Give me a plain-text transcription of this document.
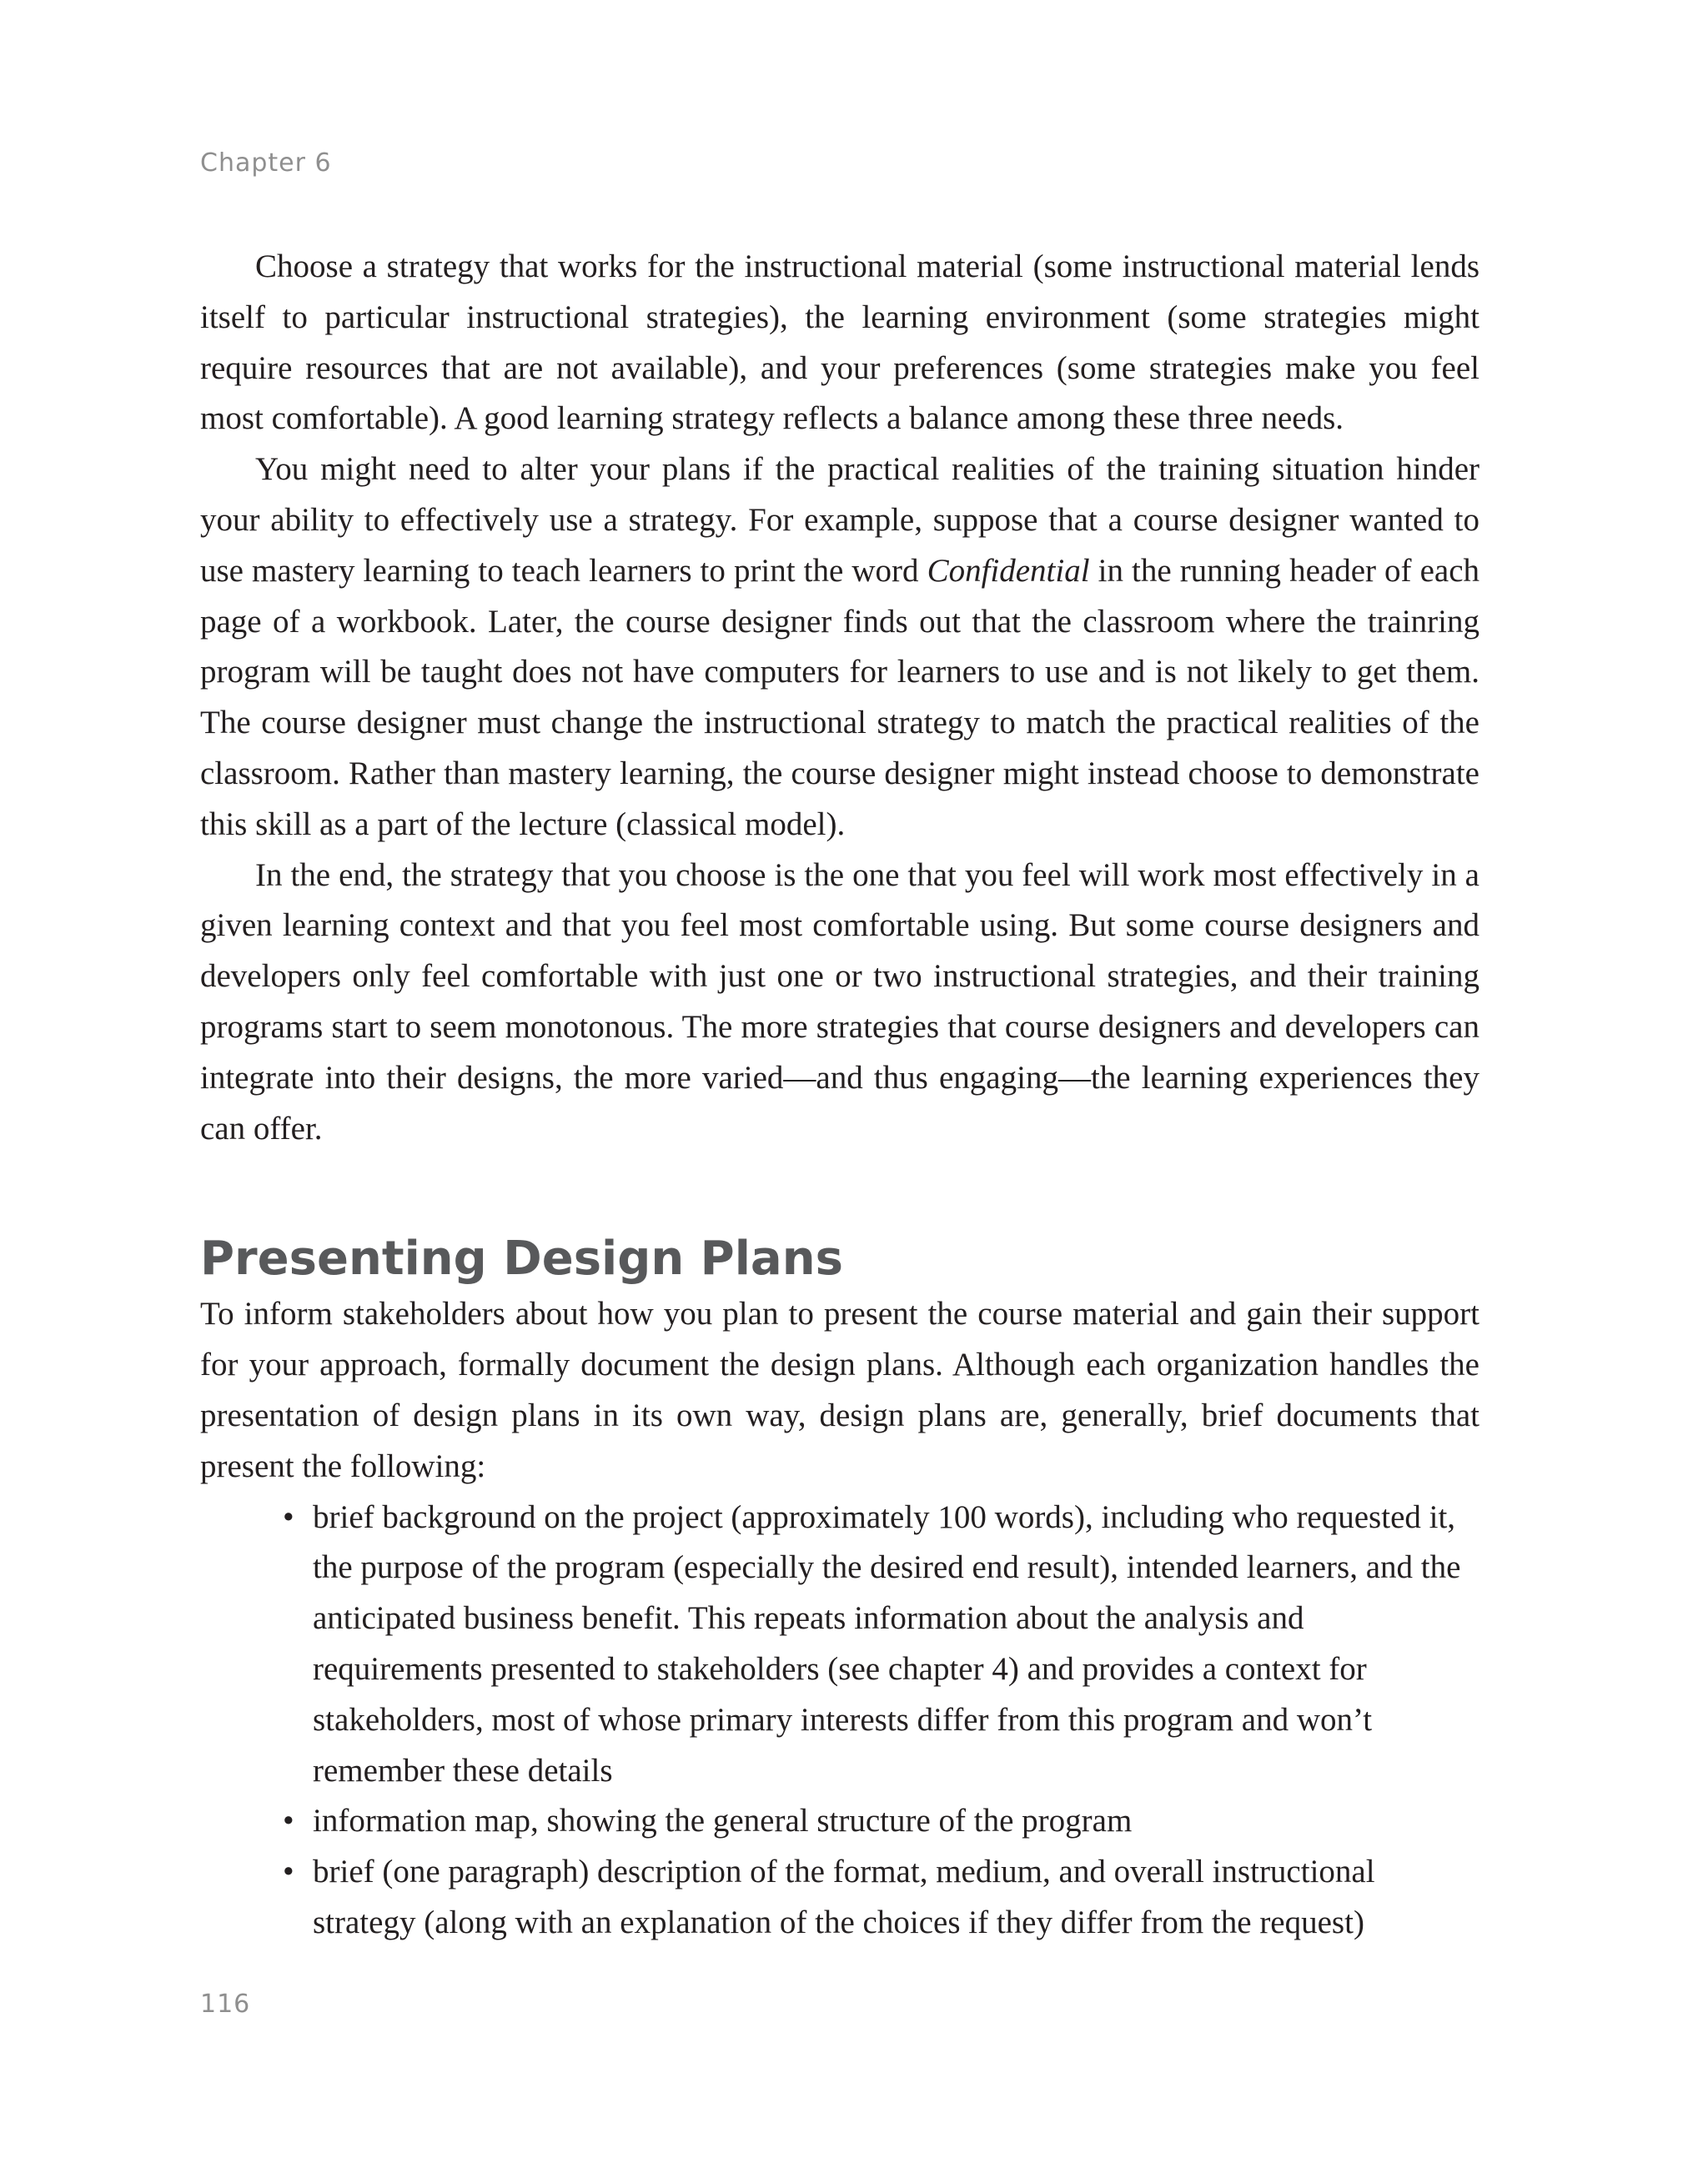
Chapter 6

Choose a strategy that works for the instructional material (some instructional material lends itself to particular instructional strategies), the learning environment (some strategies might require resources that are not available), and your preferences (some strategies make you feel most comfortable). A good learning strategy reflects a balance among these three needs.

You might need to alter your plans if the practical realities of the training situation hinder your ability to effectively use a strategy. For example, suppose that a course designer wanted to use mastery learning to teach learners to print the word Confidential in the running header of each page of a workbook. Later, the course designer finds out that the classroom where the trainring program will be taught does not have computers for learners to use and is not likely to get them. The course designer must change the instructional strategy to match the practical realities of the classroom. Rather than mastery learning, the course designer might instead choose to demonstrate this skill as a part of the lecture (classical model).

In the end, the strategy that you choose is the one that you feel will work most effectively in a given learning context and that you feel most comfortable using. But some course designers and developers only feel comfortable with just one or two instructional strategies, and their training programs start to seem monotonous. The more strategies that course designers and developers can integrate into their designs, the more varied—and thus engaging—the learning experiences they can offer.

Presenting Design Plans

To inform stakeholders about how you plan to present the course material and gain their support for your approach, formally document the design plans. Although each organization handles the presentation of design plans in its own way, design plans are, generally, brief documents that present the following:

• brief background on the project (approximately 100 words), including who requested it, the purpose of the program (especially the desired end result), intended learners, and the anticipated business benefit. This repeats information about the analysis and requirements presented to stakeholders (see chapter 4) and provides a context for stakeholders, most of whose primary interests differ from this program and won’t remember these details
• information map, showing the general structure of the program
• brief (one paragraph) description of the format, medium, and overall instructional strategy (along with an explanation of the choices if they differ from the request)
116
